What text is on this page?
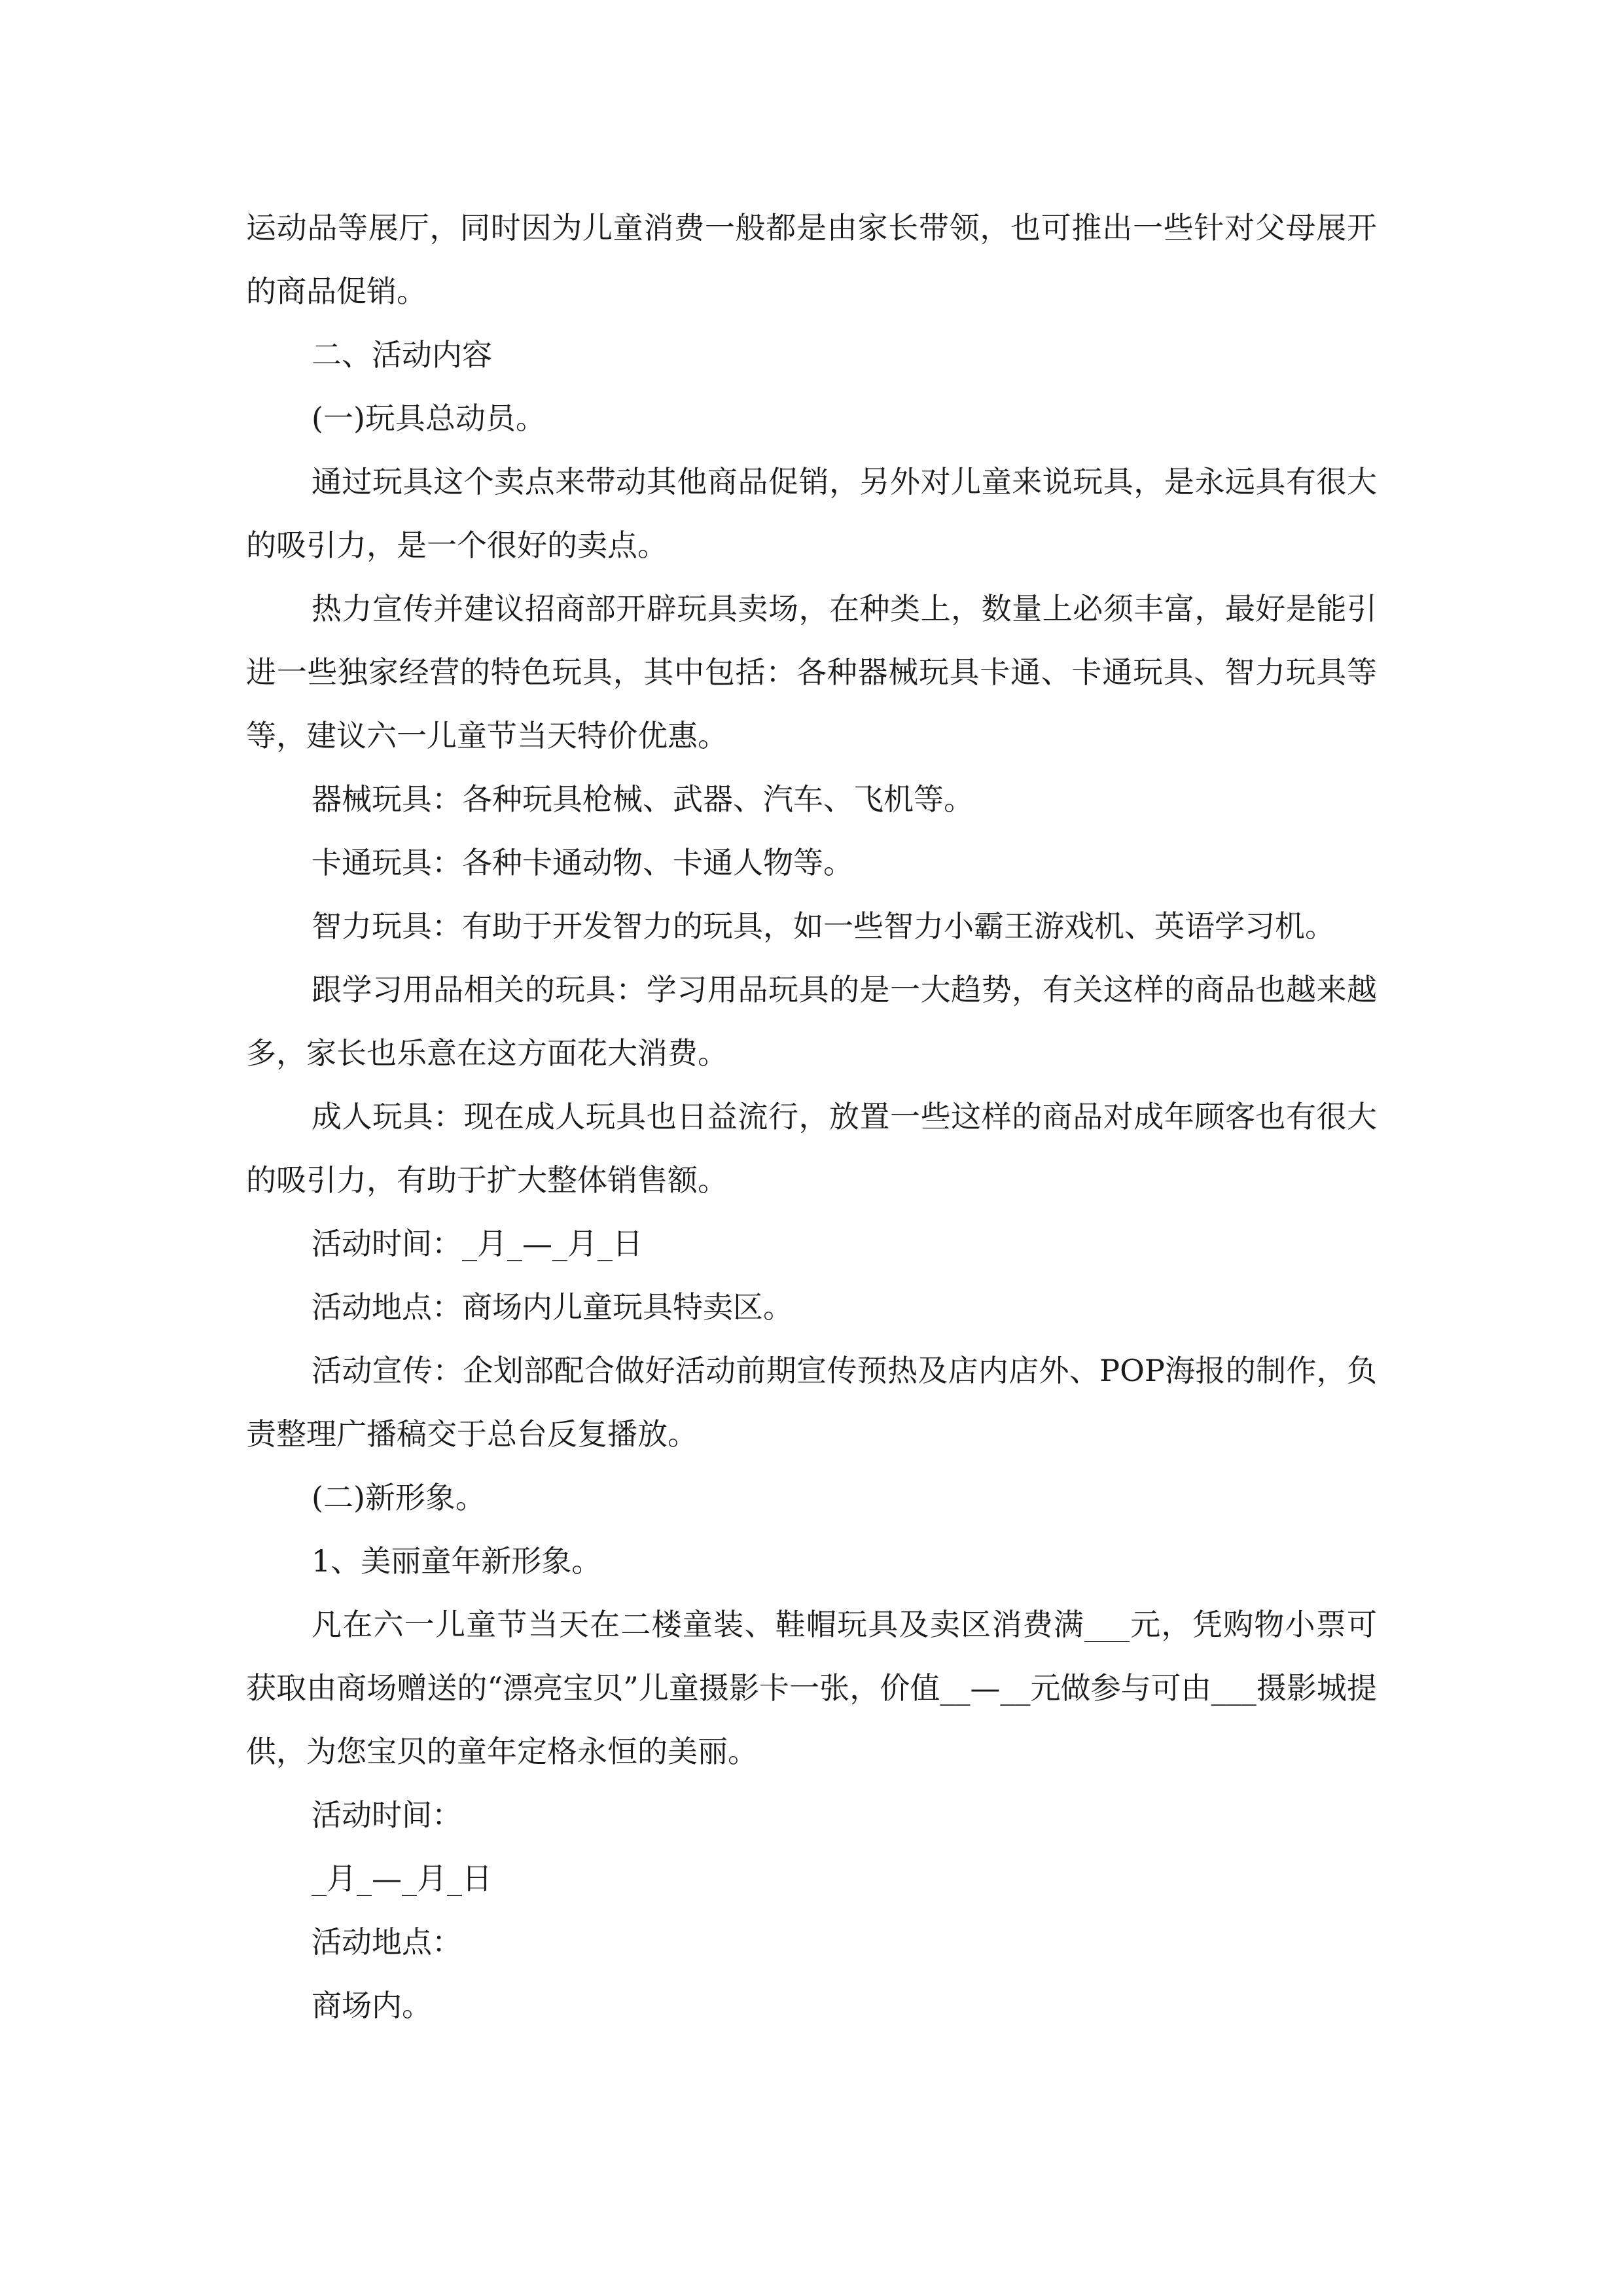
运动品等展厅，同时因为儿童消费一般都是由家长带领，也可推出一些针对父母展开的商品促销。

二、活动内容

(一)玩具总动员。

通过玩具这个卖点来带动其他商品促销，另外对儿童来说玩具，是永远具有很大的吸引力，是一个很好的卖点。

热力宣传并建议招商部开辟玩具卖场，在种类上，数量上必须丰富，最好是能引进一些独家经营的特色玩具，其中包括：各种器械玩具卡通、卡通玩具、智力玩具等等，建议六一儿童节当天特价优惠。

器械玩具：各种玩具枪械、武器、汽车、飞机等。

卡通玩具：各种卡通动物、卡通人物等。

智力玩具：有助于开发智力的玩具，如一些智力小霸王游戏机、英语学习机。

跟学习用品相关的玩具：学习用品玩具的是一大趋势，有关这样的商品也越来越多，家长也乐意在这方面花大消费。

成人玩具：现在成人玩具也日益流行，放置一些这样的商品对成年顾客也有很大的吸引力，有助于扩大整体销售额。

活动时间：_月_—_月_日

活动地点：商场内儿童玩具特卖区。

活动宣传：企划部配合做好活动前期宣传预热及店内店外、POP海报的制作，负责整理广播稿交于总台反复播放。

(二)新形象。

1、美丽童年新形象。

凡在六一儿童节当天在二楼童装、鞋帽玩具及卖区消费满___元，凭购物小票可获取由商场赠送的“漂亮宝贝”儿童摄影卡一张，价值__—__元做参与可由___摄影城提供，为您宝贝的童年定格永恒的美丽。

活动时间：

_月_—_月_日

活动地点：

商场内。
